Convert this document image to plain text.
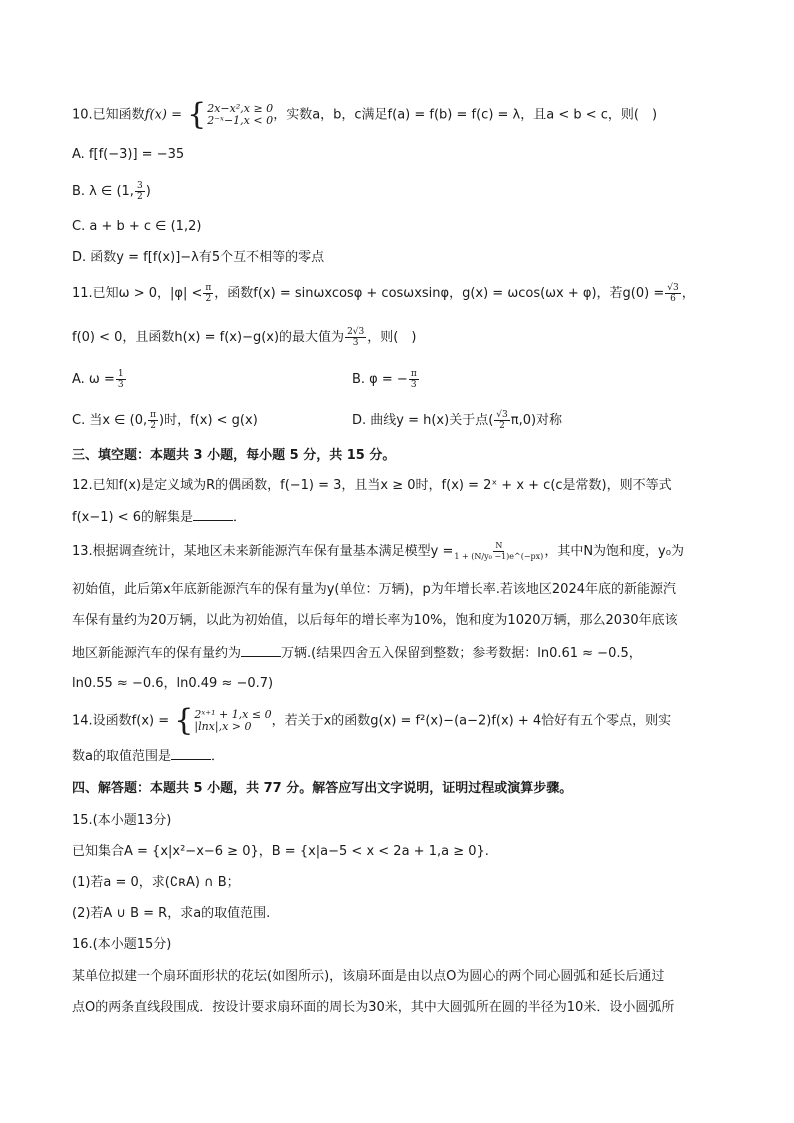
10.已知函数f(x) = { 2x−x²,x ≥ 0
2⁻ˣ−1,x < 0 ，实数a，b，c满足f(a) = f(b) = f(c) = λ，且a < b < c，则(　)
A. f[f(−3)] = −35
B. λ ∈ (1, $\frac{3}{2}$ )
C. a + b + c ∈ (1,2)
D. 函数y = f[f(x)]−λ有5个互不相等的零点
11.已知ω > 0，$|\varphi| < \frac{\pi}{2}$ ，函数f(x) = sinωxcosφ + cosωxsinφ，g(x) = ωcos(ωx + φ)，若$g(0) = \frac{√3}{6}$ ，
f(0) < 0，且函数h(x) = f(x)−g(x)的最大值为 $\frac{2√3}{3}$ ，则(　)
A. $\omega = \frac{1}{3}$	B. φ = − $\frac{\pi}{3}$
C. 当x ∈ (0, $\frac{\pi}{2}$ )时，f(x) < g(x)	D. 曲线y = h(x)关于点( $\frac{√3}{2} \pi,0$)对称
三、填空题：本题共 3 小题，每小题 5 分，共 15 分。
12.已知f(x)是定义域为R的偶函数，f(−1) = 3，且当x ≥ 0时，f(x) = 2ˣ + x + c(c是常数)，则不等式
f(x−1) < 6的解集是	．
13.根据调查统计，某地区未来新能源汽车保有量基本满足模型$y = \frac{N}{\text{1 + (N/y₀ −1)e\textasciicircum{}(−px)}}$ ，其中N为饱和度，y₀为
初始值，此后第x年底新能源汽车的保有量为y(单位：万辆)，p为年增长率.若该地区2024年底的新能源汽
车保有量约为20万辆，以此为初始值，以后每年的增长率为10%，饱和度为1020万辆，那么2030年底该
地区新能源汽车的保有量约为	万辆.(结果四舍五入保留到整数；参考数据：ln0.61 ≈ −0.5，
ln0.55 ≈ −0.6，ln0.49 ≈ −0.7)
14.设函数f(x) = { 2ˣ⁺¹ + 1,x ≤ 0
|lnx|,x > 0	，若关于x的函数g(x) = f²(x)−(a−2)f(x) + 4恰好有五个零点，则实
数a的取值范围是	．
四、解答题：本题共 5 小题，共 77 分。解答应写出文字说明，证明过程或演算步骤。
15.(本小题13分)
已知集合A = {x|x²−x−6 ≥ 0}，B = {x|a−5 < x < 2a + 1,a ≥ 0}.
(1)若a = 0，求(∁ʀA) ∩ B；
(2)若A ∪ B = R，求a的取值范围.
16.(本小题15分)
某单位拟建一个扇环面形状的花坛(如图所示)，该扇环面是由以点O为圆心的两个同心圆弧和延长后通过
点O的两条直线段围成．按设计要求扇环面的周长为30米，其中大圆弧所在圆的半径为10米．设小圆弧所
